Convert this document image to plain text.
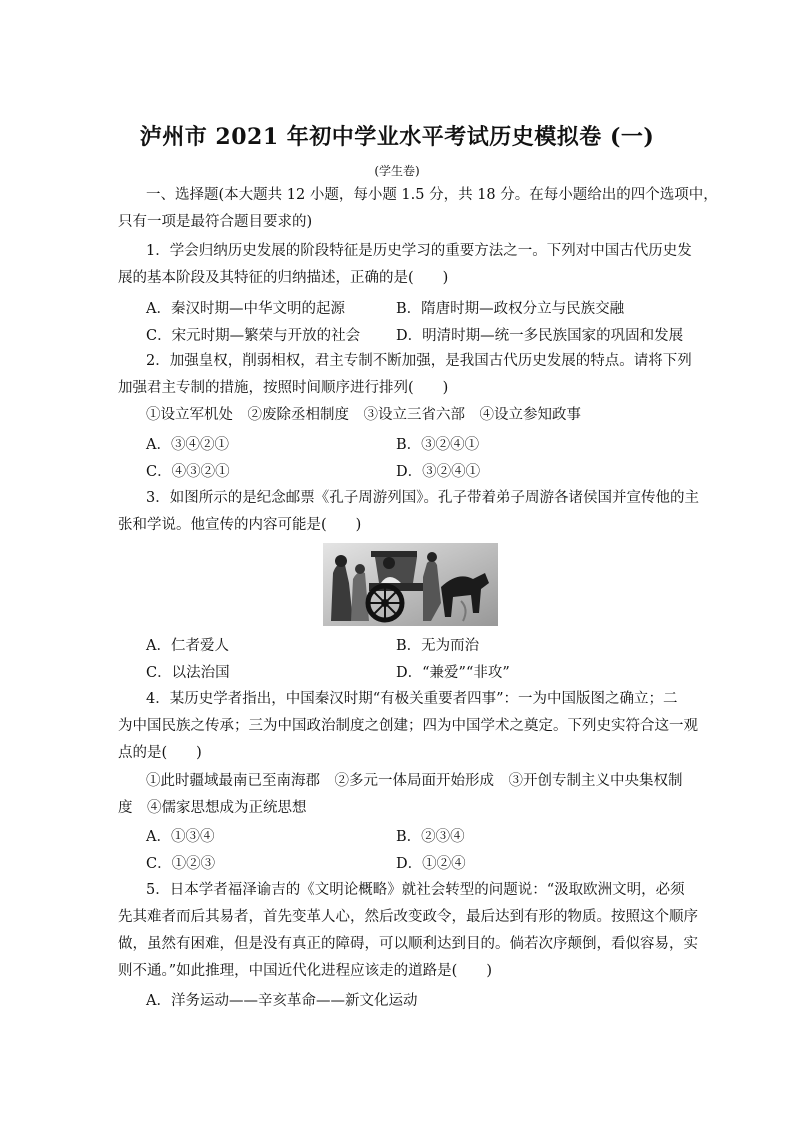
泸州市 2021 年初中学业水平考试历史模拟卷 (一)
(学生卷)
一、选择题(本大题共 12 小题，每小题 1.5 分，共 18 分。在每小题给出的四个选项中，
只有一项是最符合题目要求的)
1．学会归纳历史发展的阶段特征是历史学习的重要方法之一。下列对中国古代历史发
展的基本阶段及其特征的归纳描述，正确的是(　　)
A．秦汉时期—中华文明的起源	B．隋唐时期—政权分立与民族交融
C．宋元时期—繁荣与开放的社会 D．明清时期—统一多民族国家的巩固和发展
2．加强皇权，削弱相权，君主专制不断加强，是我国古代历史发展的特点。请将下列
加强君主专制的措施，按照时间顺序进行排列(　　)
①设立军机处　②废除丞相制度　③设立三省六部　④设立参知政事
A．③④②①	B．③②④①
C．④③②①	D．③②④①
3．如图所示的是纪念邮票《孔子周游列国》。孔子带着弟子周游各诸侯国并宣传他的主
张和学说。他宣传的内容可能是(　　)
A．仁者爱人	B．无为而治
C．以法治国	D．“兼爱”“非攻”
4．某历史学者指出，中国秦汉时期“有极关重要者四事”：一为中国版图之确立；二
为中国民族之传承；三为中国政治制度之创建；四为中国学术之奠定。下列史实符合这一观
点的是(　　)
①此时疆域最南已至南海郡　②多元一体局面开始形成　③开创专制主义中央集权制
度　④儒家思想成为正统思想
A．①③④	B．②③④
C．①②③	D．①②④
5．日本学者福泽谕吉的《文明论概略》就社会转型的问题说：“汲取欧洲文明，必须
先其难者而后其易者，首先变革人心，然后改变政令，最后达到有形的物质。按照这个顺序
做，虽然有困难，但是没有真正的障碍，可以顺利达到目的。倘若次序颠倒，看似容易，实
则不通。”如此推理，中国近代化进程应该走的道路是(　　)
A．洋务运动——辛亥革命——新文化运动
